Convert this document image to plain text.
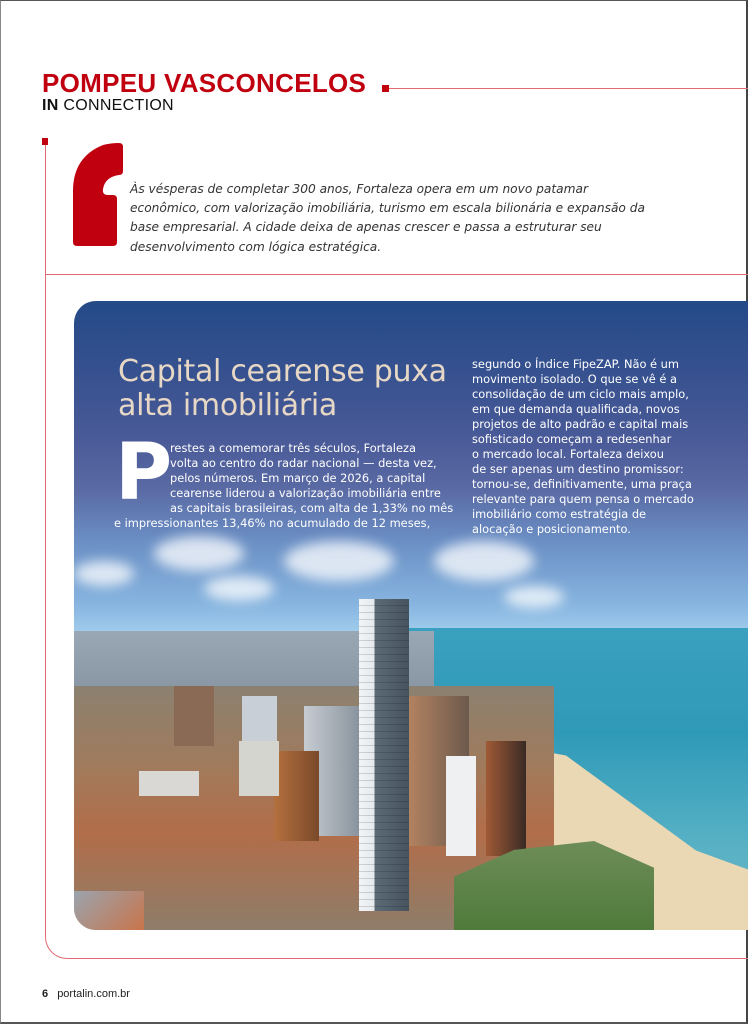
POMPEU VASCONCELOS
IN CONNECTION
Às vésperas de completar 300 anos, Fortaleza opera em um novo patamar econômico, com valorização imobiliária, turismo em escala bilionária e expansão da base empresarial. A cidade deixa de apenas crescer e passa a estruturar seu desenvolvimento com lógica estratégica.
Capital cearense puxa alta imobiliária
P
restes a comemorar três séculos, Fortaleza
volta ao centro do radar nacional — desta vez,
pelos números. Em março de 2026, a capital
cearense liderou a valorização imobiliária entre
as capitais brasileiras, com alta de 1,33% no mês
e impressionantes 13,46% no acumulado de 12 meses,
segundo o Índice FipeZAP. Não é um
movimento isolado. O que se vê é a
consolidação de um ciclo mais amplo,
em que demanda qualificada, novos
projetos de alto padrão e capital mais
sofisticado começam a redesenhar
o mercado local. Fortaleza deixou
de ser apenas um destino promissor:
tornou-se, definitivamente, uma praça
relevante para quem pensa o mercado
imobiliário como estratégia de
alocação e posicionamento.
6 portalin.com.br
